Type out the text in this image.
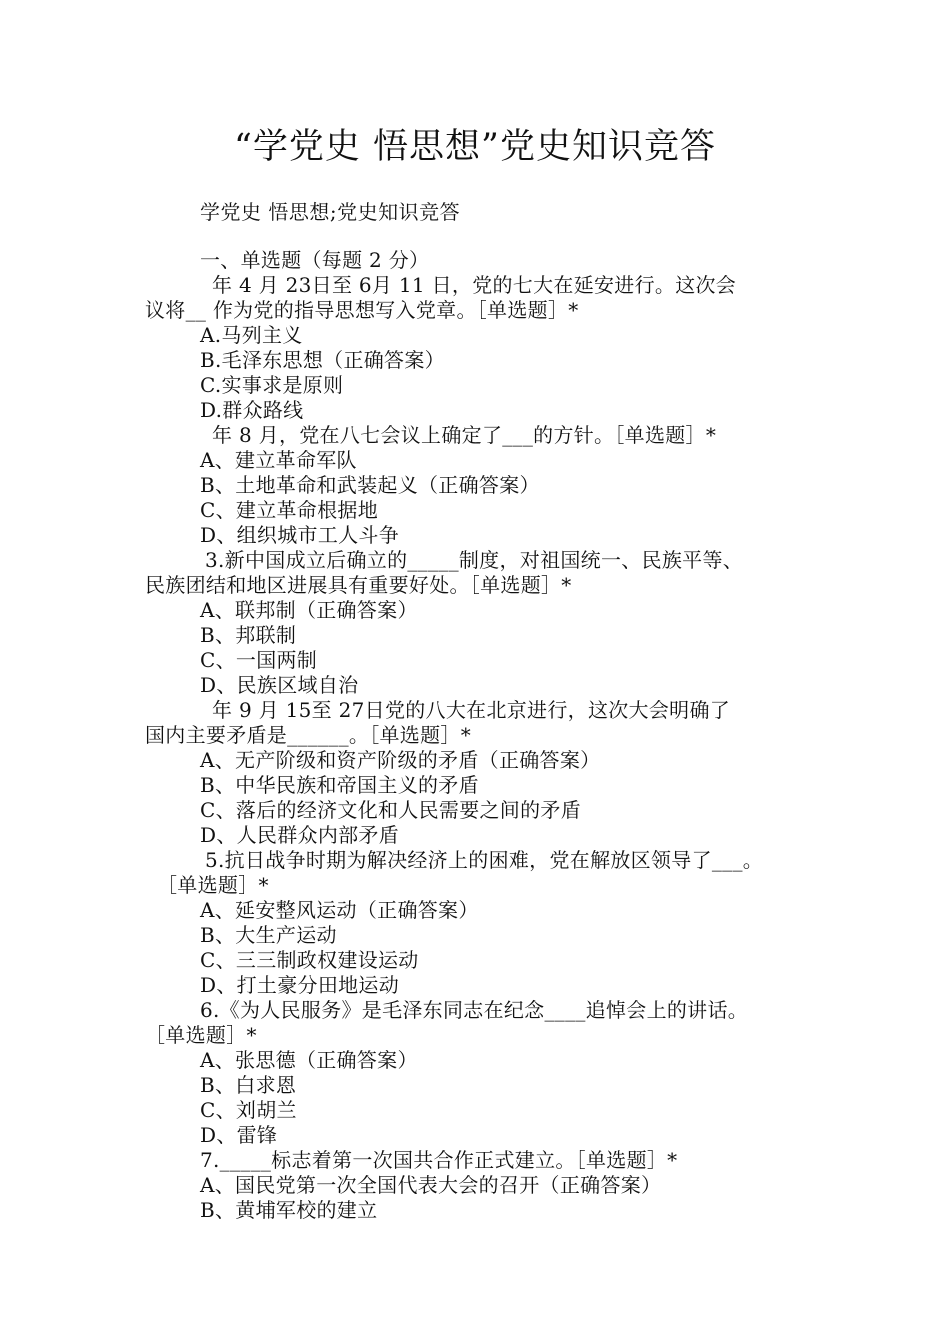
“学党史 悟思想”党史知识竞答
学党史 悟思想;党史知识竞答
一、单选题（每题 2 分）
年 4 月 23日至 6月 11 日，党的七大在延安进行。这次会
议将__ 作为党的指导思想写入党章。［单选题］*
A.马列主义
B.毛泽东思想（正确答案）
C.实事求是原则
D.群众路线
年 8 月，党在八七会议上确定了___的方针。［单选题］*
A、建立革命军队
B、土地革命和武装起义（正确答案）
C、建立革命根据地
D、组织城市工人斗争
3.新中国成立后确立的_____制度，对祖国统一、民族平等、
民族团结和地区进展具有重要好处。［单选题］*
A、联邦制（正确答案）
B、邦联制
C、一国两制
D、民族区域自治
年 9 月 15至 27日党的八大在北京进行，这次大会明确了
国内主要矛盾是______。［单选题］*
A、无产阶级和资产阶级的矛盾（正确答案）
B、中华民族和帝国主义的矛盾
C、落后的经济文化和人民需要之间的矛盾
D、人民群众内部矛盾
5.抗日战争时期为解决经济上的困难，党在解放区领导了___。
［单选题］*
A、延安整风运动（正确答案）
B、大生产运动
C、三三制政权建设运动
D、打土豪分田地运动
6.《为人民服务》是毛泽东同志在纪念____追悼会上的讲话。
［单选题］*
A、张思德（正确答案）
B、白求恩
C、刘胡兰
D、雷锋
7._____标志着第一次国共合作正式建立。［单选题］*
A、国民党第一次全国代表大会的召开（正确答案）
B、黄埔军校的建立
